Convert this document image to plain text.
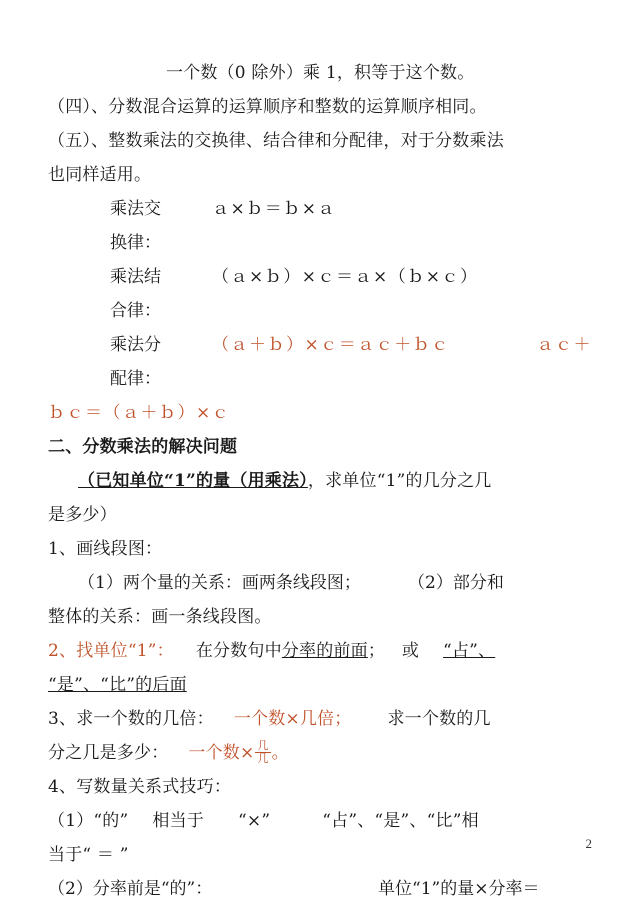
一个数（0 除外）乘 1，积等于这个数。
（四）、分数混合运算的运算顺序和整数的运算顺序相同。
（五）、整数乘法的交换律、结合律和分配律，对于分数乘法
也同样适用。
乘法交换律：
ａ×ｂ＝ｂ×ａ
乘法结合律：
（ａ×ｂ）×ｃ＝ａ×（ｂ×ｃ）
乘法分配律：
（ａ＋ｂ）×ｃ＝ａｃ＋ｂｃ	ａｃ＋
ｂｃ＝（ａ＋ｂ）×ｃ
二、分数乘法的解决问题
（已知单位“1”的量（用乘法），求单位“1”的几分之几
是多少）
1、画线段图：
（1）两个量的关系：画两条线段图；	（2）部分和
整体的关系：画一条线段图。
2、找单位“1”： 在分数句中分率的前面；   或 “占”、
“是”、“比”的后面
3、求一个数的几倍： 一个数×几倍； 求一个数的几
分之几是多少： 一个数× $\frac{\text{几}}{\text{几}}$ 。
4、写数量关系式技巧：
（1）“的” 相当于 “×”	“占”、“是”、“比”相
当于“ ＝ ”
（2）分率前是“的”：	单位“1”的量×分率＝
2
